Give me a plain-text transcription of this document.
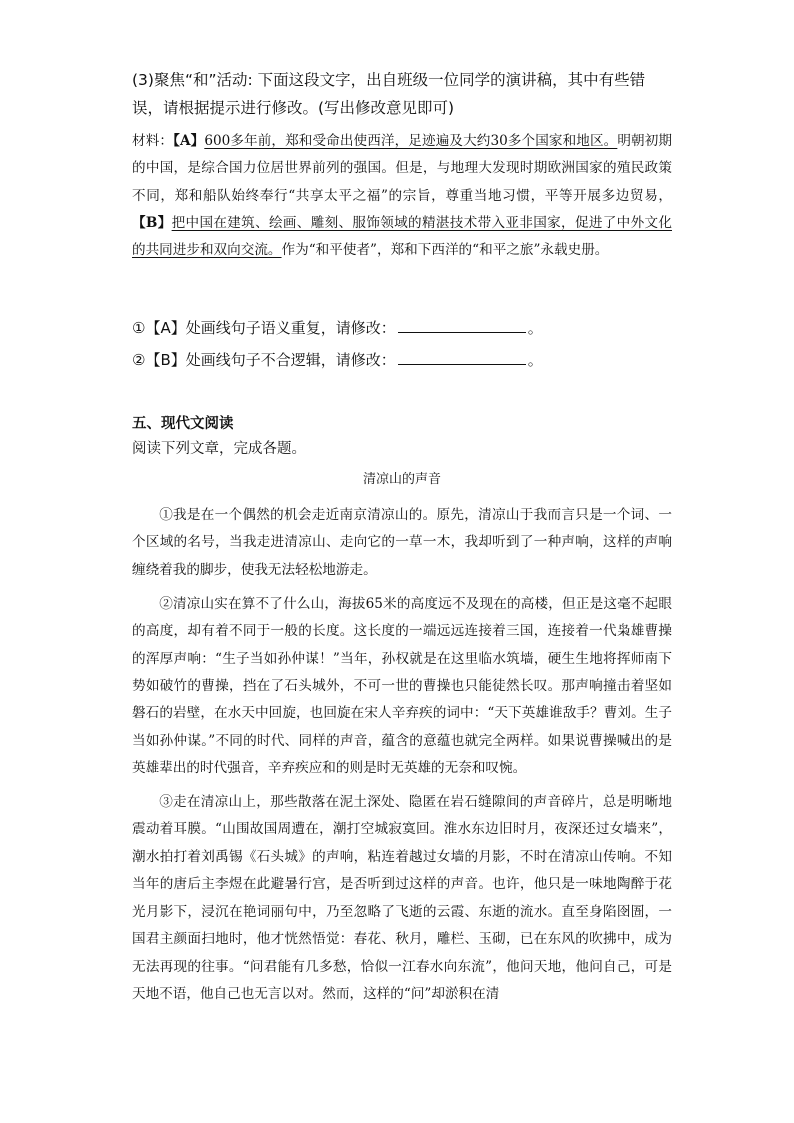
(3)聚焦“和”活动: 下面这段文字，出自班级一位同学的演讲稿，其中有些错误，请根据提示进行修改。(写出修改意见即可)
材料：【A】600多年前，郑和受命出使西洋，足迹遍及大约30多个国家和地区。明朝初期的中国，是综合国力位居世界前列的强国。但是，与地理大发现时期欧洲国家的殖民政策不同，郑和船队始终奉行“共享太平之福”的宗旨，尊重当地习惯，平等开展多边贸易，【B】把中国在建筑、绘画、雕刻、服饰领域的精湛技术带入亚非国家，促进了中外文化的共同进步和双向交流。作为“和平使者”，郑和下西洋的“和平之旅”永载史册。
①【A】处画线句子语义重复，请修改：	。
②【B】处画线句子不合逻辑，请修改：	。
五、现代文阅读
阅读下列文章，完成各题。
清凉山的声音

①我是在一个偶然的机会走近南京清凉山的。原先，清凉山于我而言只是一个词、一个区域的名号，当我走进清凉山、走向它的一草一木，我却听到了一种声响，这样的声响缠绕着我的脚步，使我无法轻松地游走。

②清凉山实在算不了什么山，海拔65米的高度远不及现在的高楼，但正是这毫不起眼的高度，却有着不同于一般的长度。这长度的一端远远连接着三国，连接着一代枭雄曹操的浑厚声响：“生子当如孙仲谋！”当年，孙权就是在这里临水筑墙，硬生生地将挥师南下势如破竹的曹操，挡在了石头城外，不可一世的曹操也只能徒然长叹。那声响撞击着坚如磐石的岩壁，在水天中回旋，也回旋在宋人辛弃疾的词中：“天下英雄谁敌手？曹刘。生子当如孙仲谋。”不同的时代、同样的声音，蕴含的意蕴也就完全两样。如果说曹操喊出的是英雄辈出的时代强音，辛弃疾应和的则是时无英雄的无奈和叹惋。

③走在清凉山上，那些散落在泥土深处、隐匿在岩石缝隙间的声音碎片，总是明晰地震动着耳膜。“山围故国周遭在，潮打空城寂寞回。淮水东边旧时月，夜深还过女墙来”，潮水拍打着刘禹锡《石头城》的声响，粘连着越过女墙的月影，不时在清凉山传响。不知当年的唐后主李煜在此避暑行宫，是否听到过这样的声音。也许，他只是一味地陶醉于花光月影下，浸沉在艳词丽句中，乃至忽略了飞逝的云霞、东逝的流水。直至身陷囹圄，一国君主颜面扫地时，他才恍然悟觉：春花、秋月，雕栏、玉砌，已在东风的吹拂中，成为无法再现的往事。“问君能有几多愁，恰似一江春水向东流”，他问天地，他问自己，可是天地不语，他自己也无言以对。然而，这样的“问”却淤积在清
